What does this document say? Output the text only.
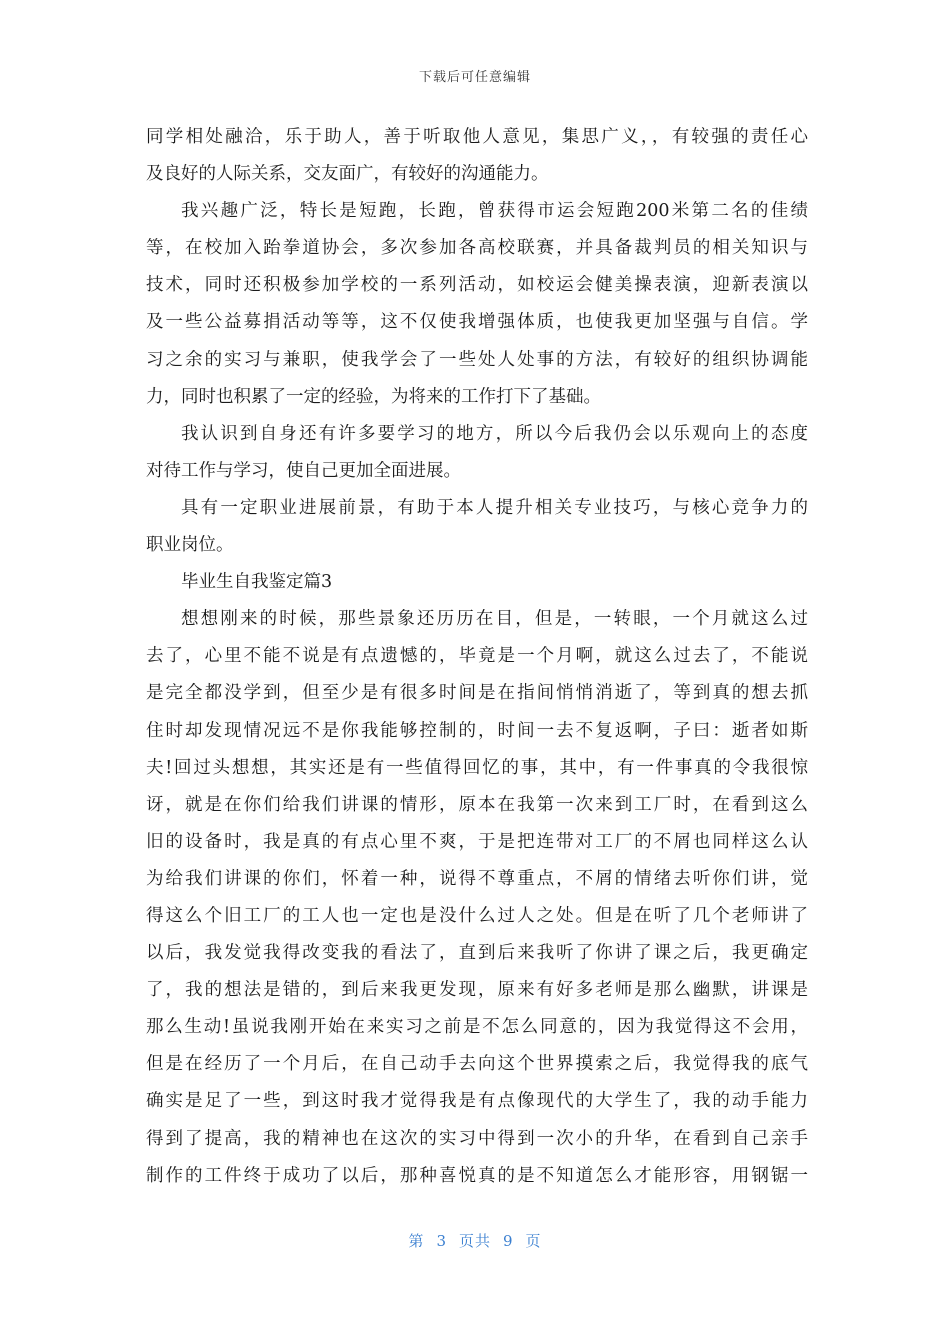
下载后可任意编辑
同学相处融洽，乐于助人，善于听取他人意见，集思广义，，有较强的责任心
及良好的人际关系，交友面广，有较好的沟通能力。
我兴趣广泛，特长是短跑，长跑，曾获得市运会短跑200米第二名的佳绩
等，在校加入跆拳道协会，多次参加各高校联赛，并具备裁判员的相关知识与
技术，同时还积极参加学校的一系列活动，如校运会健美操表演，迎新表演以
及一些公益募捐活动等等，这不仅使我增强体质，也使我更加坚强与自信。学
习之余的实习与兼职，使我学会了一些处人处事的方法，有较好的组织协调能
力，同时也积累了一定的经验，为将来的工作打下了基础。
我认识到自身还有许多要学习的地方，所以今后我仍会以乐观向上的态度
对待工作与学习，使自己更加全面进展。
具有一定职业进展前景，有助于本人提升相关专业技巧，与核心竞争力的
职业岗位。
毕业生自我鉴定篇3
想想刚来的时候，那些景象还历历在目，但是，一转眼，一个月就这么过
去了，心里不能不说是有点遗憾的，毕竟是一个月啊，就这么过去了，不能说
是完全都没学到，但至少是有很多时间是在指间悄悄消逝了，等到真的想去抓
住时却发现情况远不是你我能够控制的，时间一去不复返啊，子曰：逝者如斯
夫!回过头想想，其实还是有一些值得回忆的事，其中，有一件事真的令我很惊
讶，就是在你们给我们讲课的情形，原本在我第一次来到工厂时，在看到这么
旧的设备时，我是真的有点心里不爽，于是把连带对工厂的不屑也同样这么认
为给我们讲课的你们，怀着一种，说得不尊重点，不屑的情绪去听你们讲，觉
得这么个旧工厂的工人也一定也是没什么过人之处。但是在听了几个老师讲了
以后，我发觉我得改变我的看法了，直到后来我听了你讲了课之后，我更确定
了，我的想法是错的，到后来我更发现，原来有好多老师是那么幽默，讲课是
那么生动!虽说我刚开始在来实习之前是不怎么同意的，因为我觉得这不会用，
但是在经历了一个月后，在自己动手去向这个世界摸索之后，我觉得我的底气
确实是足了一些，到这时我才觉得我是有点像现代的大学生了，我的动手能力
得到了提高，我的精神也在这次的实习中得到一次小的升华，在看到自己亲手
制作的工件终于成功了以后，那种喜悦真的是不知道怎么才能形容，用钢锯一
第 3 页共 9 页
